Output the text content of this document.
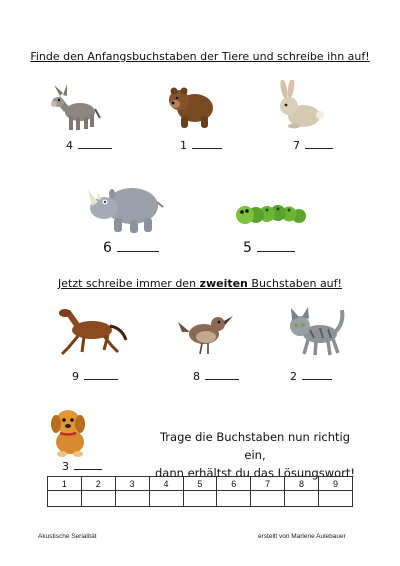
Finde den Anfangsbuchstaben der Tiere und schreibe ihn auf!
4	1	7
6	5
Jetzt schreibe immer den zweiten Buchstaben auf!
9	8	2
3
Trage die Buchstaben nun richtig ein,
dann erhältst du das Lösungswort!
1	2	3	4	5	6	7	8	9

Akustische Serialität	erstellt von Marlene Aulebauer
